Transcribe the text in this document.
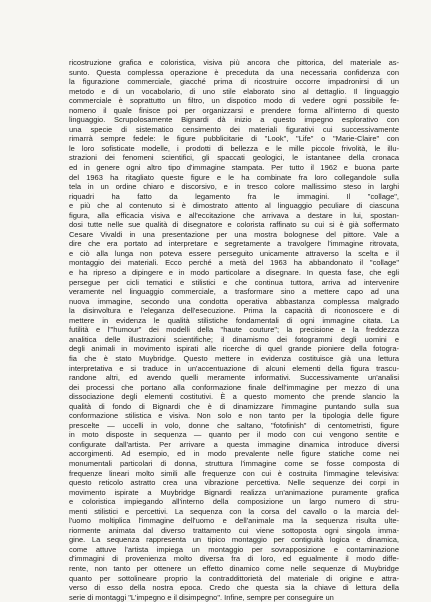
ricostruzione grafica e coloristica, visiva più ancora che pittorica, del materiale as-
sunto. Questa complessa operazione è preceduta da una necessaria confidenza con
la figurazione commerciale, giacché prima di ricostruire occorre impadronirsi di un
metodo e di un vocabolario, di uno stile elaborato sino al dettaglio. Il linguaggio
commerciale è soprattutto un filtro, un dispotico modo di vedere ogni possibile fe-
nomeno il quale finisce poi per organizzarsi e prendere forma all'interno di questo
linguaggio. Scrupolosamente Bignardi dà inizio a questo impegno esplorativo con
una specie di sistematico censimento dei materiali figurativi cui successivamente
rimarrà sempre fedele: le figure pubblicitarie di "Look", "Life" o "Marie-Claire" con
le loro sofisticate modelle, i prodotti di bellezza e le mille piccole frivolità, le illu-
strazioni dei fenomeni scientifici, gli spaccati geologici, le istantanee della cronaca
ed in genere ogni altro tipo d'immagine stampata. Per tutto il 1962 e buona parte
del 1963 ha ritagliato queste figure e le ha combinate fra loro collegandole sulla
tela in un ordine chiaro e discorsivo, e in tresco colore mallissimo steso in larghi
riquadri ha fatto da legamento fra le immagini. Il "collage",
e più che al contenuto si è dimostrato attento al linguaggio peculiare di ciascuna
figura, alla efficacia visiva e all'eccitazione che arrivava a destare in lui, spostan-
dosi tutte nelle sue qualità di disegnatore e colorista raffinato su cui si è già soffermato
Cesare Vivaldi in una presentazione per una mostra bolognese del pittore. Vale a
dire che era portato ad interpretare e segretamente a travolgere l'immagine ritrovata,
e ciò alla lunga non poteva essere perseguito unicamente attraverso la scelta e il
montaggio dei materiali. Ecco perché a metà del 1963 ha abbandonato il "collage"
e ha ripreso a dipingere e in modo particolare a disegnare. In questa fase, che egli
persegue per cicli tematici e stilistici e che continua tuttora, arriva ad intervenire
veramente nel linguaggio commerciale, a trasformare sino a mettere capo ad una
nuova immagine, secondo una condotta operativa abbastanza complessa malgrado
la disinvoltura e l'eleganza dell'esecuzione. Prima la capacità di riconoscere e di
mettere in evidenza le qualità stilistiche fondamentali di ogni immagine citata. La
futilità e l'"humour" dei modelli della "haute couture"; la precisione e la freddezza
analitica delle illustrazioni scientifiche; il dinamismo dei fotogrammi degli uomini e
degli animali in movimento ispirati alle ricerche di quel grande pioniere della fotogra-
fia che è stato Muybridge. Questo mettere in evidenza costituisce già una lettura
interpretativa e si traduce in un'accentuazione di alcuni elementi della figura trascu-
randone altri, ed avendo quelli meramente informativi. Successivamente un'analisi
dei processi che portano alla conformazione finale dell'immagine per mezzo di una
dissociazione degli elementi costitutivi. È a questo momento che prende slancio la
qualità di fondo di Bignardi che è di dinamizzare l'immagine puntando sulla sua
conformazione stilistica e visiva. Non solo e non tanto per la tipologia delle figure
prescelte — uccelli in volo, donne che saltano, "fotofinish" di centometristi, figure
in moto disposte in sequenza — quanto per il modo con cui vengono sentite e
configurate dall'artista. Per arrivare a questa immagine dinamica introduce diversi
accorgimenti. Ad esempio, ed in modo prevalente nelle figure statiche come nei
monumentali particolari di donna, struttura l'immagine come se fosse composta di
frequenze lineari molto simili alle frequenze con cui è costruita l'immagine televisiva:
questo reticolo astratto crea una vibrazione percettiva. Nelle sequenze dei corpi in
movimento ispirate a Muybridge Bignardi realizza un'animazione puramente grafica
e coloristica impiegando all'interno della composizione un largo numero di stru-
menti stilistici e percettivi. La sequenza con la corsa del cavallo o la marcia del-
l'uomo moltiplica l'immagine dell'uomo e dell'animale ma la sequenza risulta ulte-
riormente animata dal diverso trattamento cui viene sottoposta ogni singola imma-
gine. La sequenza rappresenta un tipico montaggio per contiguità logica e dinamica,
come attuve l'artista impiega un montaggio per sovrapposizione e contaminazione
d'immagini di provenienza molto diversa fra di loro, ed egualmente il modo diffe-
rente, non tanto per ottenere un effetto dinamico come nelle sequenze di Muybridge
quanto per sottolineare proprio la contraddittorietà del materiale di origine e attra-
verso di esso della nostra epoca. Credo che questa sia la chiave di lettura della
serie di montaggi "L'impegno e il disimpegno". Infine, sempre per conseguire un
